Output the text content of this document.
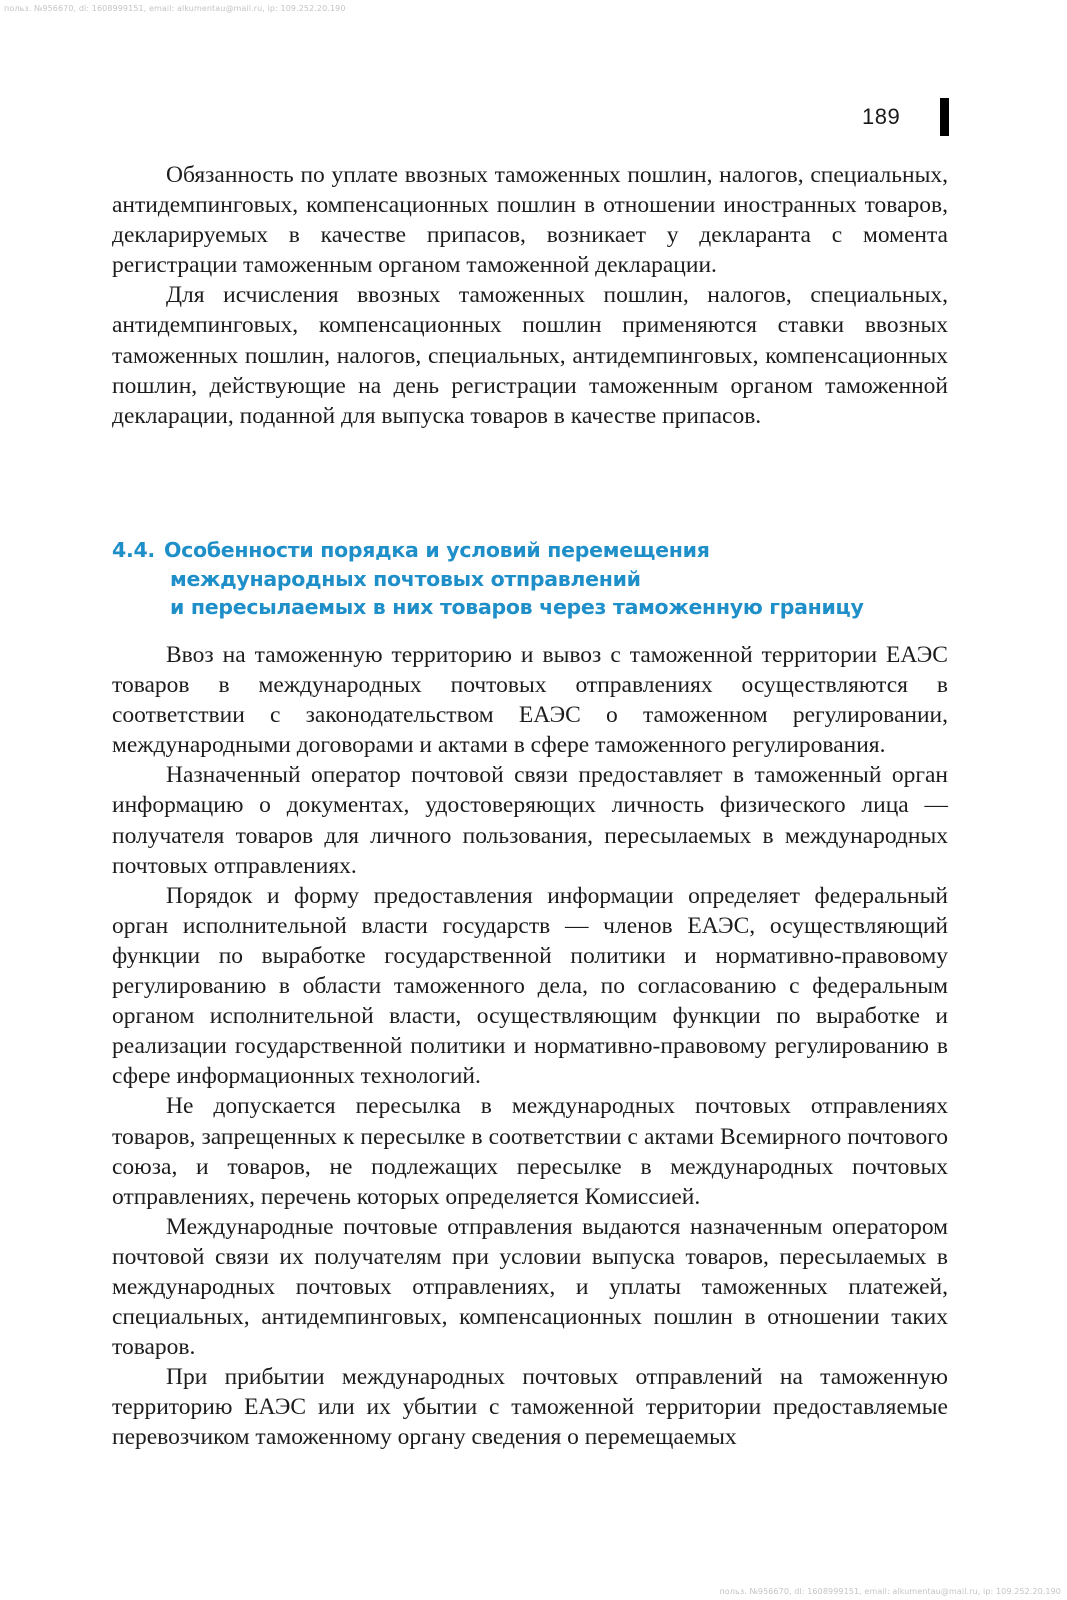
польз. №956670, dl: 1608999151, email: alkumentau@mail.ru, ip: 109.252.20.190
189

Обязанность по уплате ввозных таможенных пошлин, налогов, специальных, антидемпинговых, компенсационных пошлин в отношении иностранных товаров, декларируемых в качестве припасов, возникает у декларанта с момента регистрации таможенным органом таможенной декларации.

Для исчисления ввозных таможенных пошлин, налогов, специальных, антидемпинговых, компенсационных пошлин применяются ставки ввозных таможенных пошлин, налогов, специальных, антидемпинговых, компенсационных пошлин, действующие на день регистрации таможенным органом таможенной декларации, поданной для выпуска товаров в качестве припасов.

4.4. Особенности порядка и условий перемещения
международных почтовых отправлений
и пересылаемых в них товаров через таможенную границу

Ввоз на таможенную территорию и вывоз с таможенной территории ЕАЭС товаров в международных почтовых отправлениях осуществляются в соответствии с законодательством ЕАЭС о таможенном регулировании, международными договорами и актами в сфере таможенного регулирования.

Назначенный оператор почтовой связи предоставляет в таможенный орган информацию о документах, удостоверяющих личность физического лица — получателя товаров для личного пользования, пересылаемых в международных почтовых отправлениях.

Порядок и форму предоставления информации определяет федеральный орган исполнительной власти государств — членов ЕАЭС, осуществляющий функции по выработке государственной политики и нормативно-правовому регулированию в области таможенного дела, по согласованию с федеральным органом исполнительной власти, осуществляющим функции по выработке и реализации государственной политики и нормативно-правовому регулированию в сфере информационных технологий.

Не допускается пересылка в международных почтовых отправлениях товаров, запрещенных к пересылке в соответствии с актами Всемирного почтового союза, и товаров, не подлежащих пересылке в международных почтовых отправлениях, перечень которых определяется Комиссией.

Международные почтовые отправления выдаются назначенным оператором почтовой связи их получателям при условии выпуска товаров, пересылаемых в международных почтовых отправлениях, и уплаты таможенных платежей, специальных, антидемпинговых, компенсационных пошлин в отношении таких товаров.

При прибытии международных почтовых отправлений на таможенную территорию ЕАЭС или их убытии с таможенной территории предоставляемые перевозчиком таможенному органу сведения о перемещаемых

польз. №956670, dl: 1608999151, email: alkumentau@mail.ru, ip: 109.252.20.190
